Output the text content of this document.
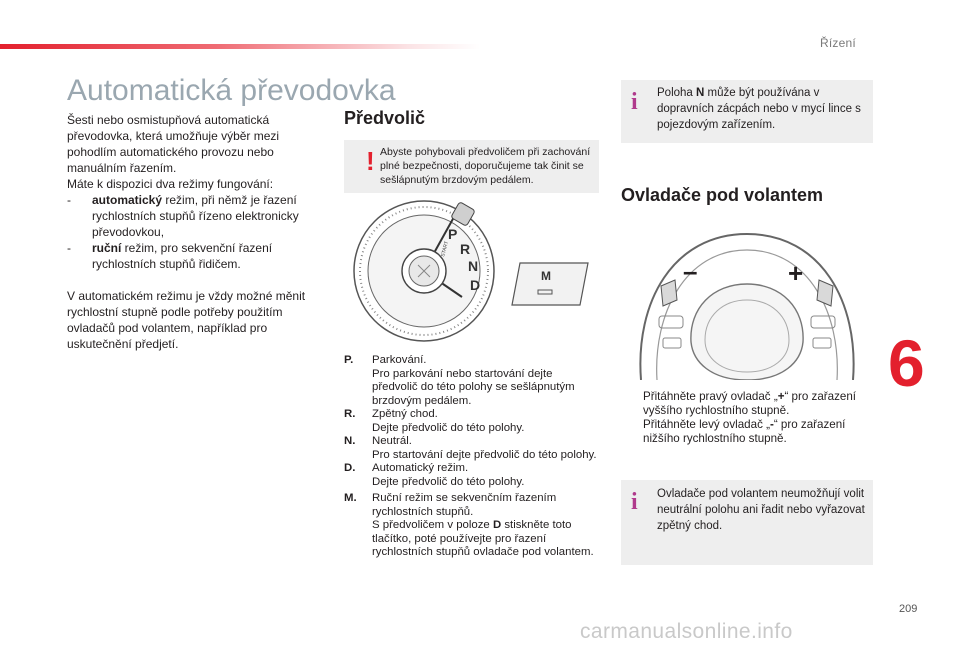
Řízení
6
209
carmanualsonline.info
Automatická převodovka

Šesti nebo osmistupňová automatická převodovka, která umožňuje výběr mezi pohodlím automatického provozu nebo manuálním řazením.

Máte k dispozici dva režimy fungování:

- automatický režim, při němž je řazení rychlostních stupňů řízeno elektronicky převodovkou,
- ruční režim, pro sekvenční řazení rychlostních stupňů řidičem.

V automatickém režimu je vždy možné měnit rychlostní stupně podle potřeby použitím ovladačů pod volantem, například pro uskutečnění předjetí.

Předvolič
! Abyste pohybovali předvoličem při zachování plné bezpečnosti, doporučujeme tak činit se sešlápnutým brzdovým pedálem.
P
R
N
D
START
M
P. Parkování.
Pro parkování nebo startování dejte předvolič do této polohy se sešlápnutým brzdovým pedálem.
R. Zpětný chod.
Dejte předvolič do této polohy.
N. Neutrál.
Pro startování dejte předvolič do této polohy.
D. Automatický režim.
Dejte předvolič do této polohy.
M. Ruční režim se sekvenčním řazením rychlostních stupňů.
S předvoličem v poloze D stiskněte toto tlačítko, poté používejte pro řazení rychlostních stupňů ovladače pod volantem.
i Poloha N může být používána v dopravních zácpách nebo v mycí lince s pojezdovým zařízením.
Ovladače pod volantem
–	+
Přitáhněte pravý ovladač „+“ pro zařazení vyššího rychlostního stupně.
Přitáhněte levý ovladač „-“ pro zařazení nižšího rychlostního stupně.
i Ovladače pod volantem neumožňují volit neutrální polohu ani řadit nebo vyřazovat zpětný chod.
